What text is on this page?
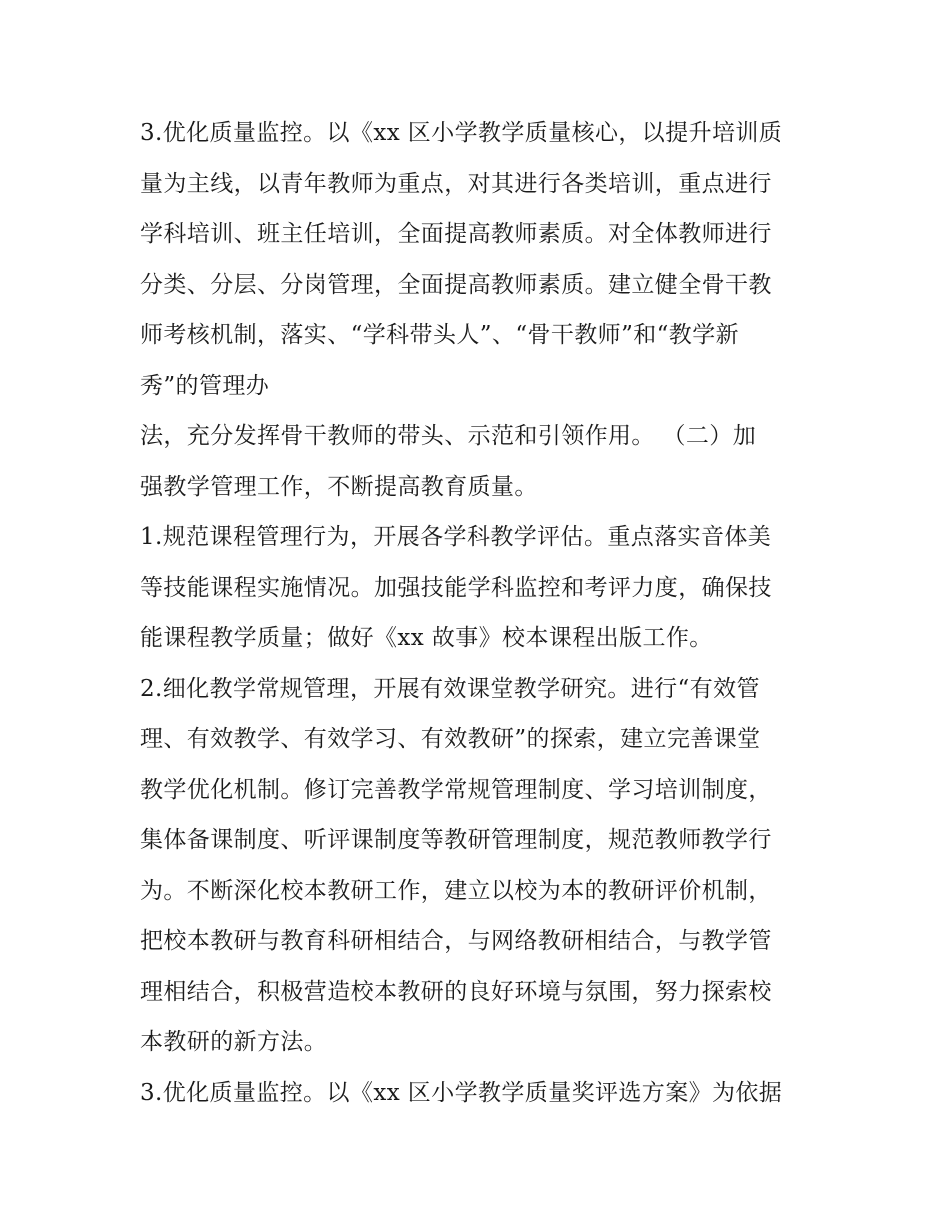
3.优化质量监控。以《xx 区小学教学质量核心，以提升培训质
量为主线，以青年教师为重点，对其进行各类培训，重点进行
学科培训、班主任培训，全面提高教师素质。对全体教师进行
分类、分层、分岗管理，全面提高教师素质。建立健全骨干教
师考核机制，落实、“学科带头人”、“骨干教师”和“教学新
秀”的管理办
法，充分发挥骨干教师的带头、示范和引领作用。 （二）加
强教学管理工作，不断提高教育质量。
1.规范课程管理行为，开展各学科教学评估。重点落实音体美
等技能课程实施情况。加强技能学科监控和考评力度，确保技
能课程教学质量；做好《xx 故事》校本课程出版工作。
2.细化教学常规管理，开展有效课堂教学研究。进行“有效管
理、有效教学、有效学习、有效教研”的探索，建立完善课堂
教学优化机制。修订完善教学常规管理制度、学习培训制度，
集体备课制度、听评课制度等教研管理制度，规范教师教学行
为。不断深化校本教研工作，建立以校为本的教研评价机制，
把校本教研与教育科研相结合，与网络教研相结合，与教学管
理相结合，积极营造校本教研的良好环境与氛围，努力探索校
本教研的新方法。
3.优化质量监控。以《xx 区小学教学质量奖评选方案》为依据
